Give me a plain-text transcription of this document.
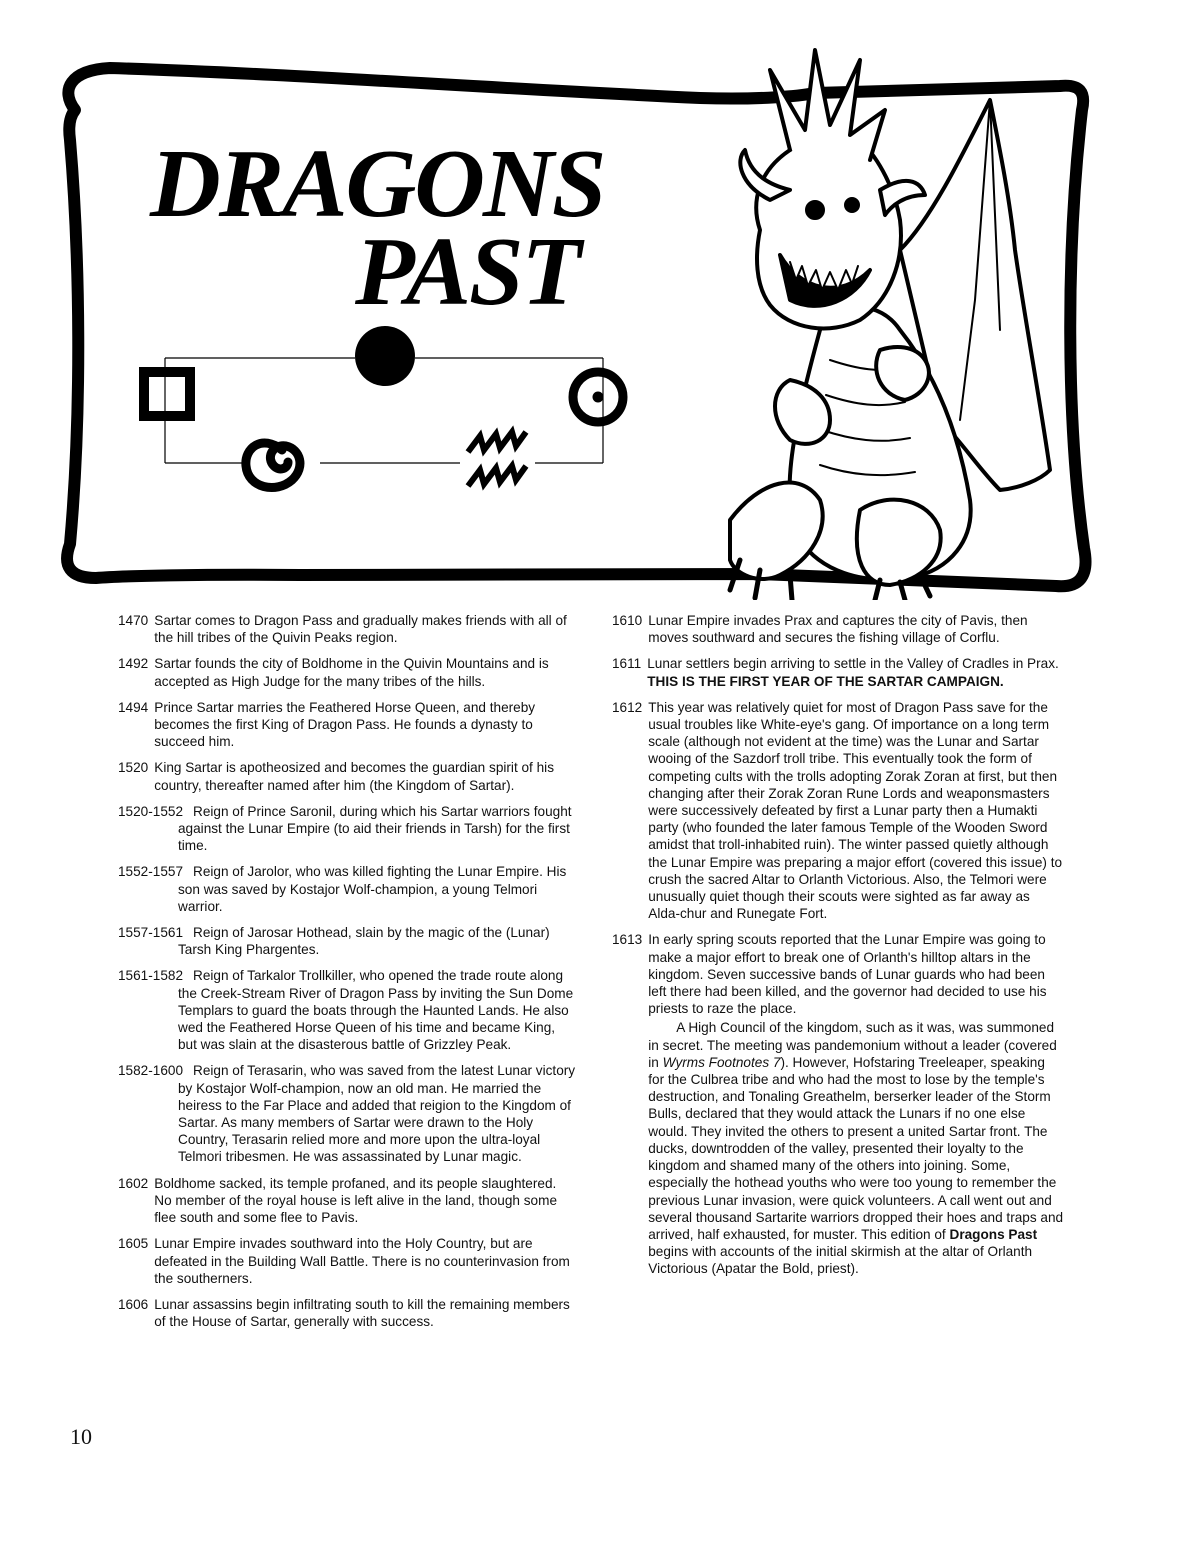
DRAGONS
PAST
1470 Sartar comes to Dragon Pass and gradually makes friends with all of the hill tribes of the Quivin Peaks region.
1492 Sartar founds the city of Boldhome in the Quivin Mountains and is accepted as High Judge for the many tribes of the hills.
1494 Prince Sartar marries the Feathered Horse Queen, and thereby becomes the first King of Dragon Pass. He founds a dynasty to succeed him.
1520 King Sartar is apotheosized and becomes the guardian spirit of his country, thereafter named after him (the Kingdom of Sartar).
1520-1552 Reign of Prince Saronil, during which his Sartar warriors fought against the Lunar Empire (to aid their friends in Tarsh) for the first time.
1552-1557 Reign of Jarolor, who was killed fighting the Lunar Empire. His son was saved by Kostajor Wolf-champion, a young Telmori warrior.
1557-1561 Reign of Jarosar Hothead, slain by the magic of the (Lunar) Tarsh King Phargentes.
1561-1582 Reign of Tarkalor Trollkiller, who opened the trade route along the Creek-Stream River of Dragon Pass by inviting the Sun Dome Templars to guard the boats through the Haunted Lands. He also wed the Feathered Horse Queen of his time and became King, but was slain at the disasterous battle of Grizzley Peak.
1582-1600 Reign of Terasarin, who was saved from the latest Lunar victory by Kostajor Wolf-champion, now an old man. He married the heiress to the Far Place and added that reigion to the Kingdom of Sartar. As many members of Sartar were drawn to the Holy Country, Terasarin relied more and more upon the ultra-loyal Telmori tribesmen. He was assassinated by Lunar magic.
1602 Boldhome sacked, its temple profaned, and its people slaughtered. No member of the royal house is left alive in the land, though some flee south and some flee to Pavis.
1605 Lunar Empire invades southward into the Holy Country, but are defeated in the Building Wall Battle. There is no counterinvasion from the southerners.
1606 Lunar assassins begin infiltrating south to kill the remaining members of the House of Sartar, generally with success.
1610 Lunar Empire invades Prax and captures the city of Pavis, then moves southward and secures the fishing village of Corflu.
1611 Lunar settlers begin arriving to settle in the Valley of Cradles in Prax. THIS IS THE FIRST YEAR OF THE SARTAR CAMPAIGN.
1612 This year was relatively quiet for most of Dragon Pass save for the usual troubles like White-eye's gang. Of importance on a long term scale (although not evident at the time) was the Lunar and Sartar wooing of the Sazdorf troll tribe. This eventually took the form of competing cults with the trolls adopting Zorak Zoran at first, but then changing after their Zorak Zoran Rune Lords and weaponsmasters were successively defeated by first a Lunar party then a Humakti party (who founded the later famous Temple of the Wooden Sword amidst that troll-inhabited ruin). The winter passed quietly although the Lunar Empire was preparing a major effort (covered this issue) to crush the sacred Altar to Orlanth Victorious. Also, the Telmori were unusually quiet though their scouts were sighted as far away as Alda-chur and Runegate Fort.
1613 In early spring scouts reported that the Lunar Empire was going to make a major effort to break one of Orlanth's hilltop altars in the kingdom. Seven successive bands of Lunar guards who had been left there had been killed, and the governor had decided to use his priests to raze the place.
A High Council of the kingdom, such as it was, was summoned in secret. The meeting was pandemonium without a leader (covered in Wyrms Footnotes 7). However, Hofstaring Treeleaper, speaking for the Culbrea tribe and who had the most to lose by the temple's destruction, and Tonaling Greathelm, berserker leader of the Storm Bulls, declared that they would attack the Lunars if no one else would. They invited the others to present a united Sartar front. The ducks, downtrodden of the valley, presented their loyalty to the kingdom and shamed many of the others into joining. Some, especially the hothead youths who were too young to remember the previous Lunar invasion, were quick volunteers. A call went out and several thousand Sartarite warriors dropped their hoes and traps and arrived, half exhausted, for muster. This edition of Dragons Past begins with accounts of the initial skirmish at the altar of Orlanth Victorious (Apatar the Bold, priest).
10
